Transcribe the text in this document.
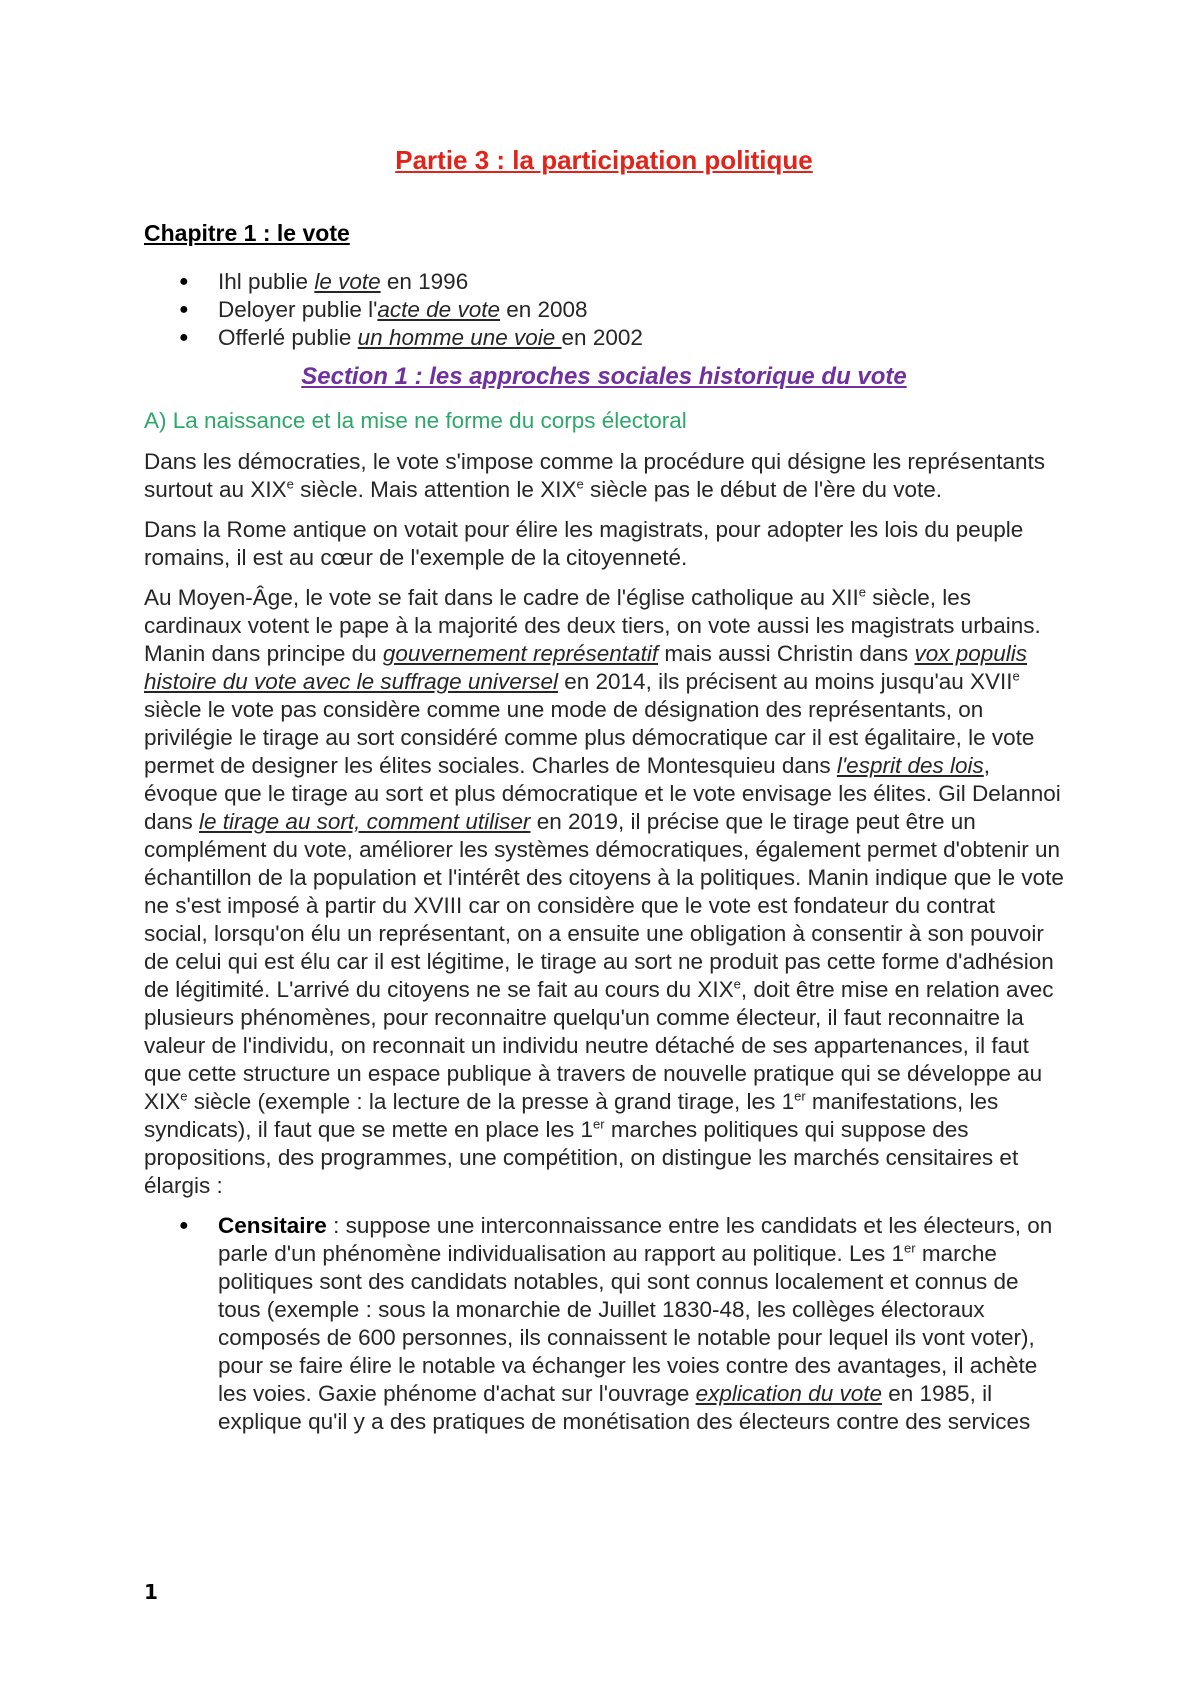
Partie 3 : la participation politique
Chapitre 1 : le vote
● Ihl publie le vote en 1996
● Deloyer publie l'acte de vote en 2008
● Offerlé publie un homme une voie en 2002
Section 1 : les approches sociales historique du vote
A) La naissance et la mise ne forme du corps électoral

Dans les démocraties, le vote s'impose comme la procédure qui désigne les représentants surtout au XIXe siècle. Mais attention le XIXe siècle pas le début de l'ère du vote.

Dans la Rome antique on votait pour élire les magistrats, pour adopter les lois du peuple romains, il est au cœur de l'exemple de la citoyenneté.

Au Moyen-Âge, le vote se fait dans le cadre de l'église catholique au XIIe siècle, les cardinaux votent le pape à la majorité des deux tiers, on vote aussi les magistrats urbains. Manin dans principe du gouvernement représentatif mais aussi Christin dans vox populis histoire du vote avec le suffrage universel en 2014, ils précisent au moins jusqu'au XVIIe siècle le vote pas considère comme une mode de désignation des représentants, on privilégie le tirage au sort considéré comme plus démocratique car il est égalitaire, le vote permet de designer les élites sociales. Charles de Montesquieu dans l'esprit des lois, évoque que le tirage au sort et plus démocratique et le vote envisage les élites. Gil Delannoi dans le tirage au sort, comment utiliser en 2019, il précise que le tirage peut être un complément du vote, améliorer les systèmes démocratiques, également permet d'obtenir un échantillon de la population et l'intérêt des citoyens à la politiques. Manin indique que le vote ne s'est imposé à partir du XVIII car on considère que le vote est fondateur du contrat social, lorsqu'on élu un représentant, on a ensuite une obligation à consentir à son pouvoir de celui qui est élu car il est légitime, le tirage au sort ne produit pas cette forme d'adhésion de légitimité. L'arrivé du citoyens ne se fait au cours du XIXe, doit être mise en relation avec plusieurs phénomènes, pour reconnaitre quelqu'un comme électeur, il faut reconnaitre la valeur de l'individu, on reconnait un individu neutre détaché de ses appartenances, il faut que cette structure un espace publique à travers de nouvelle pratique qui se développe au XIXe siècle (exemple : la lecture de la presse à grand tirage, les 1er manifestations, les syndicats), il faut que se mette en place les 1er marches politiques qui suppose des propositions, des programmes, une compétition, on distingue les marchés censitaires et élargis :

● Censitaire : suppose une interconnaissance entre les candidats et les électeurs, on parle d'un phénomène individualisation au rapport au politique. Les 1er marche politiques sont des candidats notables, qui sont connus localement et connus de tous (exemple : sous la monarchie de Juillet 1830-48, les collèges électoraux composés de 600 personnes, ils connaissent le notable pour lequel ils vont voter), pour se faire élire le notable va échanger les voies contre des avantages, il achète les voies. Gaxie phénome d'achat sur l'ouvrage explication du vote en 1985, il explique qu'il y a des pratiques de monétisation des électeurs contre des services
1
